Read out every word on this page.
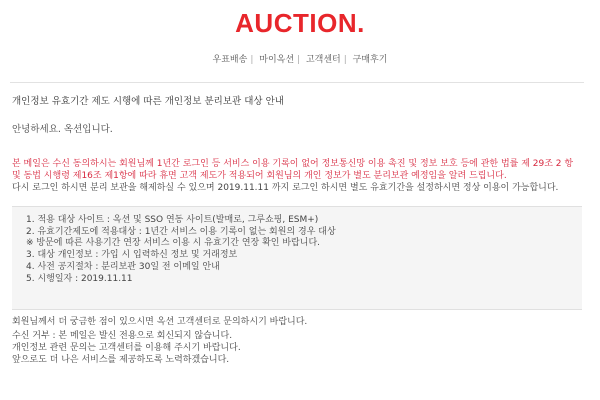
AUCTION.
우표배송 | 마이옥션 | 고객센터 | 구매후기
개인정보 유효기간 제도 시행에 따른 개인정보 분리보관 대상 안내
안녕하세요. 옥션입니다.

본 메일은 수신 동의하시는 회원님께 1년간 로그인 등 서비스 이용 기록이 없어 정보통신망 이용 촉진 및 정보 보호 등에 관한 법률 제 29조 2 항 및 동법 시행령 제16조 제1항에 따라 휴면 고객 제도가 적용되어 회원님의 개인 정보가 별도 분리보관 예정임을 알려 드립니다.
다시 로그인 하시면 분리 보관을 해제하실 수 있으며 2019.11.11 까지 로그인 하시면 별도 유효기간을 설정하시면 정상 이용이 가능합니다.

1. 적용 대상 사이트 : 옥션 및 SSO 연동 사이트(발매로, 그루쇼핑, ESM+)
2. 유효기간제도에 적용대상 : 1년간 서비스 이용 기록이 없는 회원의 경우 대상
※ 방문에 따른 사용기간 연장 서비스 이용 시 유효기간 연장 확인 바랍니다.
3. 대상 개인정보 : 가입 시 입력하신 정보 및 거래정보
4. 사전 공지절차 : 분리보관 30일 전 이메일 안내
5. 시행일자 : 2019.11.11

회원님께서 더 궁금한 점이 있으시면 옥션 고객센터로 문의하시기 바랍니다.

수신 거부 : 본 메일은 발신 전용으로 회신되지 않습니다.

개인정보 관련 문의는 고객센터를 이용해 주시기 바랍니다.

앞으로도 더 나은 서비스를 제공하도록 노력하겠습니다.
